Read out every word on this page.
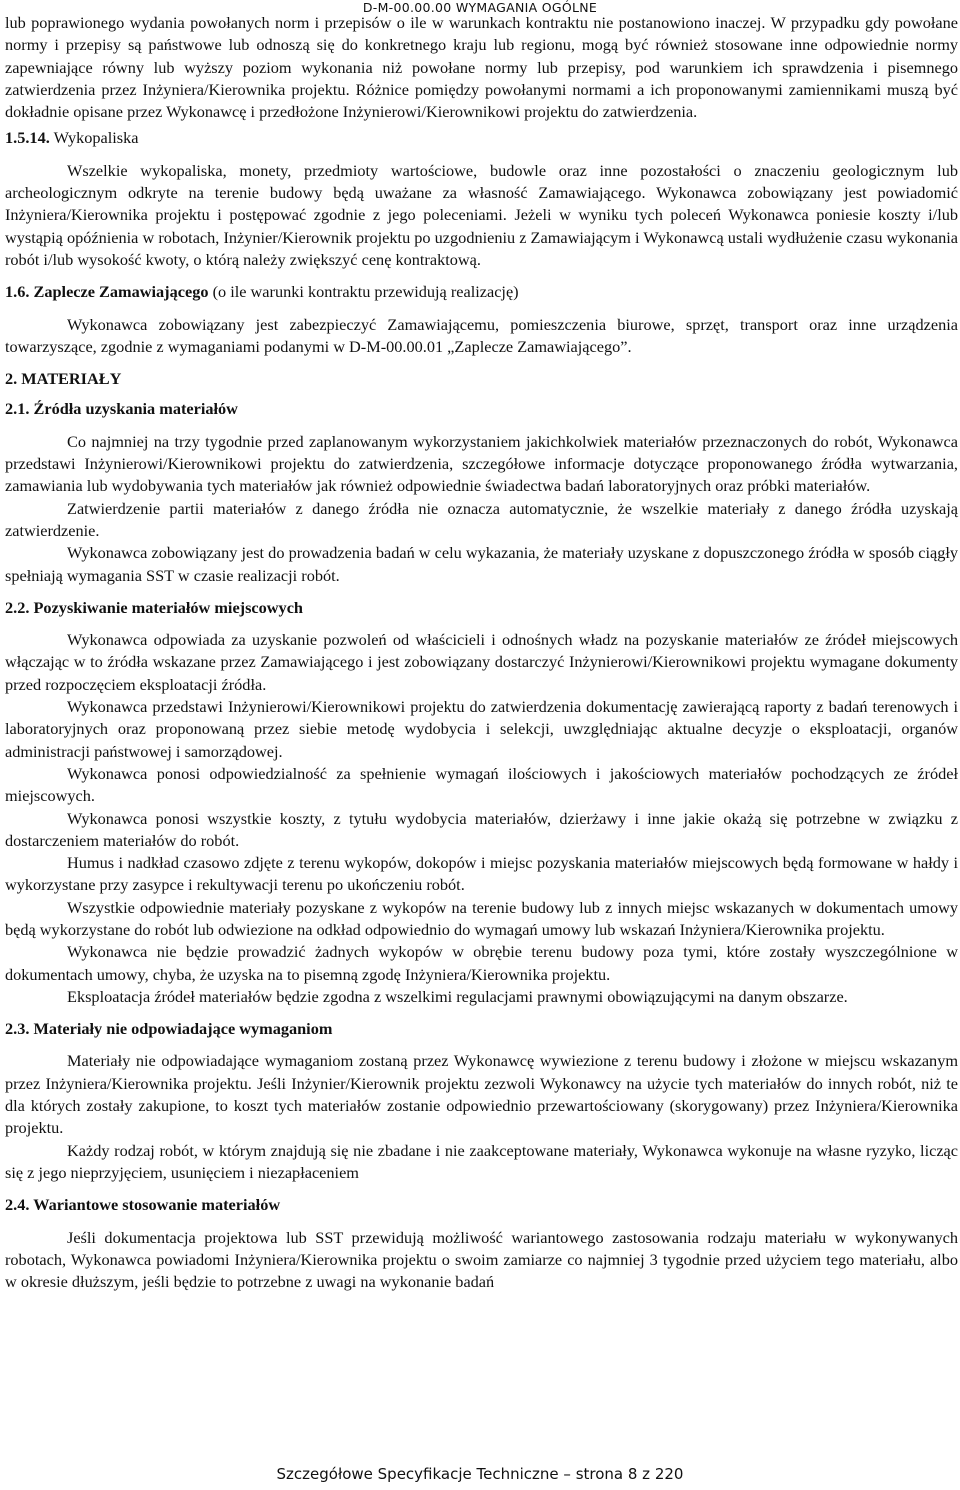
D-M-00.00.00 WYMAGANIA OGÓLNE

lub poprawionego wydania powołanych norm i przepisów o ile w warunkach kontraktu nie postanowiono inaczej. W przypadku gdy powołane normy i przepisy są państwowe lub odnoszą się do konkretnego kraju lub regionu, mogą być również stosowane inne odpowiednie normy zapewniające równy lub wyższy poziom wykonania niż powołane normy lub przepisy, pod warunkiem ich sprawdzenia i pisemnego zatwierdzenia przez Inżyniera/Kierownika projektu. Różnice pomiędzy powołanymi normami a ich proponowanymi zamiennikami muszą być dokładnie opisane przez Wykonawcę i przedłożone Inżynierowi/Kierownikowi projektu do zatwierdzenia.

1.5.14. Wykopaliska

Wszelkie wykopaliska, monety, przedmioty wartościowe, budowle oraz inne pozostałości o znaczeniu geologicznym lub archeologicznym odkryte na terenie budowy będą uważane za własność Zamawiającego. Wykonawca zobowiązany jest powiadomić Inżyniera/Kierownika projektu i postępować zgodnie z jego poleceniami. Jeżeli w wyniku tych poleceń Wykonawca poniesie koszty i/lub wystąpią opóźnienia w robotach, Inżynier/Kierownik projektu po uzgodnieniu z Zamawiającym i Wykonawcą ustali wydłużenie czasu wykonania robót i/lub wysokość kwoty, o którą należy zwiększyć cenę kontraktową.

1.6. Zaplecze Zamawiającego (o ile warunki kontraktu przewidują realizację)

Wykonawca zobowiązany jest zabezpieczyć Zamawiającemu, pomieszczenia biurowe, sprzęt, transport oraz inne urządzenia towarzyszące, zgodnie z wymaganiami podanymi w D-M-00.00.01 „Zaplecze Zamawiającego”.

2. MATERIAŁY

2.1. Źródła uzyskania materiałów

Co najmniej na trzy tygodnie przed zaplanowanym wykorzystaniem jakichkolwiek materiałów przeznaczonych do robót, Wykonawca przedstawi Inżynierowi/Kierownikowi projektu do zatwierdzenia, szczegółowe informacje dotyczące proponowanego źródła wytwarzania, zamawiania lub wydobywania tych materiałów jak również odpowiednie świadectwa badań laboratoryjnych oraz próbki materiałów.

Zatwierdzenie partii materiałów z danego źródła nie oznacza automatycznie, że wszelkie materiały z danego źródła uzyskają zatwierdzenie.

Wykonawca zobowiązany jest do prowadzenia badań w celu wykazania, że materiały uzyskane z dopuszczonego źródła w sposób ciągły spełniają wymagania SST w czasie realizacji robót.

2.2. Pozyskiwanie materiałów miejscowych

Wykonawca odpowiada za uzyskanie pozwoleń od właścicieli i odnośnych władz na pozyskanie materiałów ze źródeł miejscowych włączając w to źródła wskazane przez Zamawiającego i jest zobowiązany dostarczyć Inżynierowi/Kierownikowi projektu wymagane dokumenty przed rozpoczęciem eksploatacji źródła.

Wykonawca przedstawi Inżynierowi/Kierownikowi projektu do zatwierdzenia dokumentację zawierającą raporty z badań terenowych i laboratoryjnych oraz proponowaną przez siebie metodę wydobycia i selekcji, uwzględniając aktualne decyzje o eksploatacji, organów administracji państwowej i samorządowej.

Wykonawca ponosi odpowiedzialność za spełnienie wymagań ilościowych i jakościowych materiałów pochodzących ze źródeł miejscowych.

Wykonawca ponosi wszystkie koszty, z tytułu wydobycia materiałów, dzierżawy i inne jakie okażą się potrzebne w związku z dostarczeniem materiałów do robót.

Humus i nadkład czasowo zdjęte z terenu wykopów, dokopów i miejsc pozyskania materiałów miejscowych będą formowane w hałdy i wykorzystane przy zasypce i rekultywacji terenu po ukończeniu robót.

Wszystkie odpowiednie materiały pozyskane z wykopów na terenie budowy lub z innych miejsc wskazanych w dokumentach umowy będą wykorzystane do robót lub odwiezione na odkład odpowiednio do wymagań umowy lub wskazań Inżyniera/Kierownika projektu.

Wykonawca nie będzie prowadzić żadnych wykopów w obrębie terenu budowy poza tymi, które zostały wyszczególnione w dokumentach umowy, chyba, że uzyska na to pisemną zgodę Inżyniera/Kierownika projektu.

Eksploatacja źródeł materiałów będzie zgodna z wszelkimi regulacjami prawnymi obowiązującymi na danym obszarze.

2.3. Materiały nie odpowiadające wymaganiom

Materiały nie odpowiadające wymaganiom zostaną przez Wykonawcę wywiezione z terenu budowy i złożone w miejscu wskazanym przez Inżyniera/Kierownika projektu. Jeśli Inżynier/Kierownik projektu zezwoli Wykonawcy na użycie tych materiałów do innych robót, niż te dla których zostały zakupione, to koszt tych materiałów zostanie odpowiednio przewartościowany (skorygowany) przez Inżyniera/Kierownika projektu.

Każdy rodzaj robót, w którym znajdują się nie zbadane i nie zaakceptowane materiały, Wykonawca wykonuje na własne ryzyko, licząc się z jego nieprzyjęciem, usunięciem i niezapłaceniem

2.4. Wariantowe stosowanie materiałów

Jeśli dokumentacja projektowa lub SST przewidują możliwość wariantowego zastosowania rodzaju materiału w wykonywanych robotach, Wykonawca powiadomi Inżyniera/Kierownika projektu o swoim zamiarze co najmniej 3 tygodnie przed użyciem tego materiału, albo w okresie dłuższym, jeśli będzie to potrzebne z uwagi na wykonanie badań

Szczegółowe Specyfikacje Techniczne – strona 8 z 220
